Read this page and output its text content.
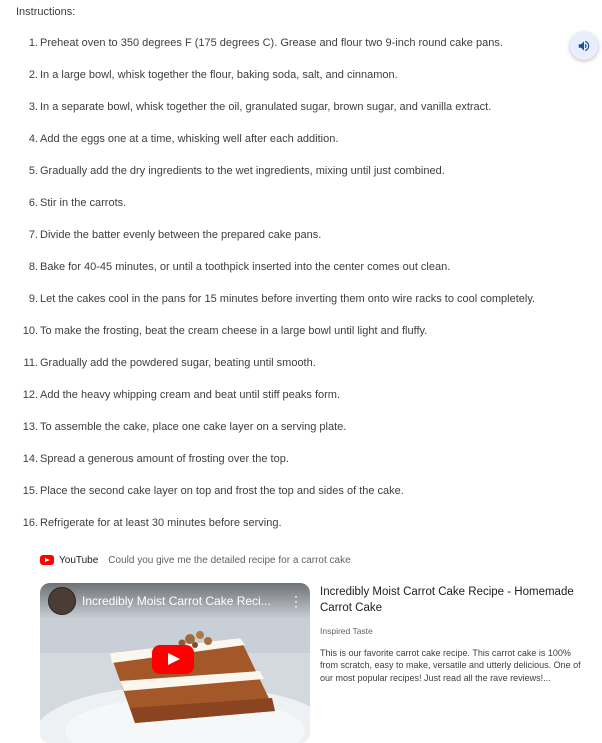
Instructions:
1. Preheat oven to 350 degrees F (175 degrees C). Grease and flour two 9-inch round cake pans.
2. In a large bowl, whisk together the flour, baking soda, salt, and cinnamon.
3. In a separate bowl, whisk together the oil, granulated sugar, brown sugar, and vanilla extract.
4. Add the eggs one at a time, whisking well after each addition.
5. Gradually add the dry ingredients to the wet ingredients, mixing until just combined.
6. Stir in the carrots.
7. Divide the batter evenly between the prepared cake pans.
8. Bake for 40-45 minutes, or until a toothpick inserted into the center comes out clean.
9. Let the cakes cool in the pans for 15 minutes before inverting them onto wire racks to cool completely.
10. To make the frosting, beat the cream cheese in a large bowl until light and fluffy.
11. Gradually add the powdered sugar, beating until smooth.
12. Add the heavy whipping cream and beat until stiff peaks form.
13. To assemble the cake, place one cake layer on a serving plate.
14. Spread a generous amount of frosting over the top.
15. Place the second cake layer on top and frost the top and sides of the cake.
16. Refrigerate for at least 30 minutes before serving.
YouTube Could you give me the detailed recipe for a carrot cake
Incredibly Moist Carrot Cake Reci...	⋮
Incredibly Moist Carrot Cake Recipe - Homemade Carrot Cake
Inspired Taste
This is our favorite carrot cake recipe. This carrot cake is 100% from scratch, easy to make, versatile and utterly delicious. One of our most popular recipes! Just read all the rave reviews!...
